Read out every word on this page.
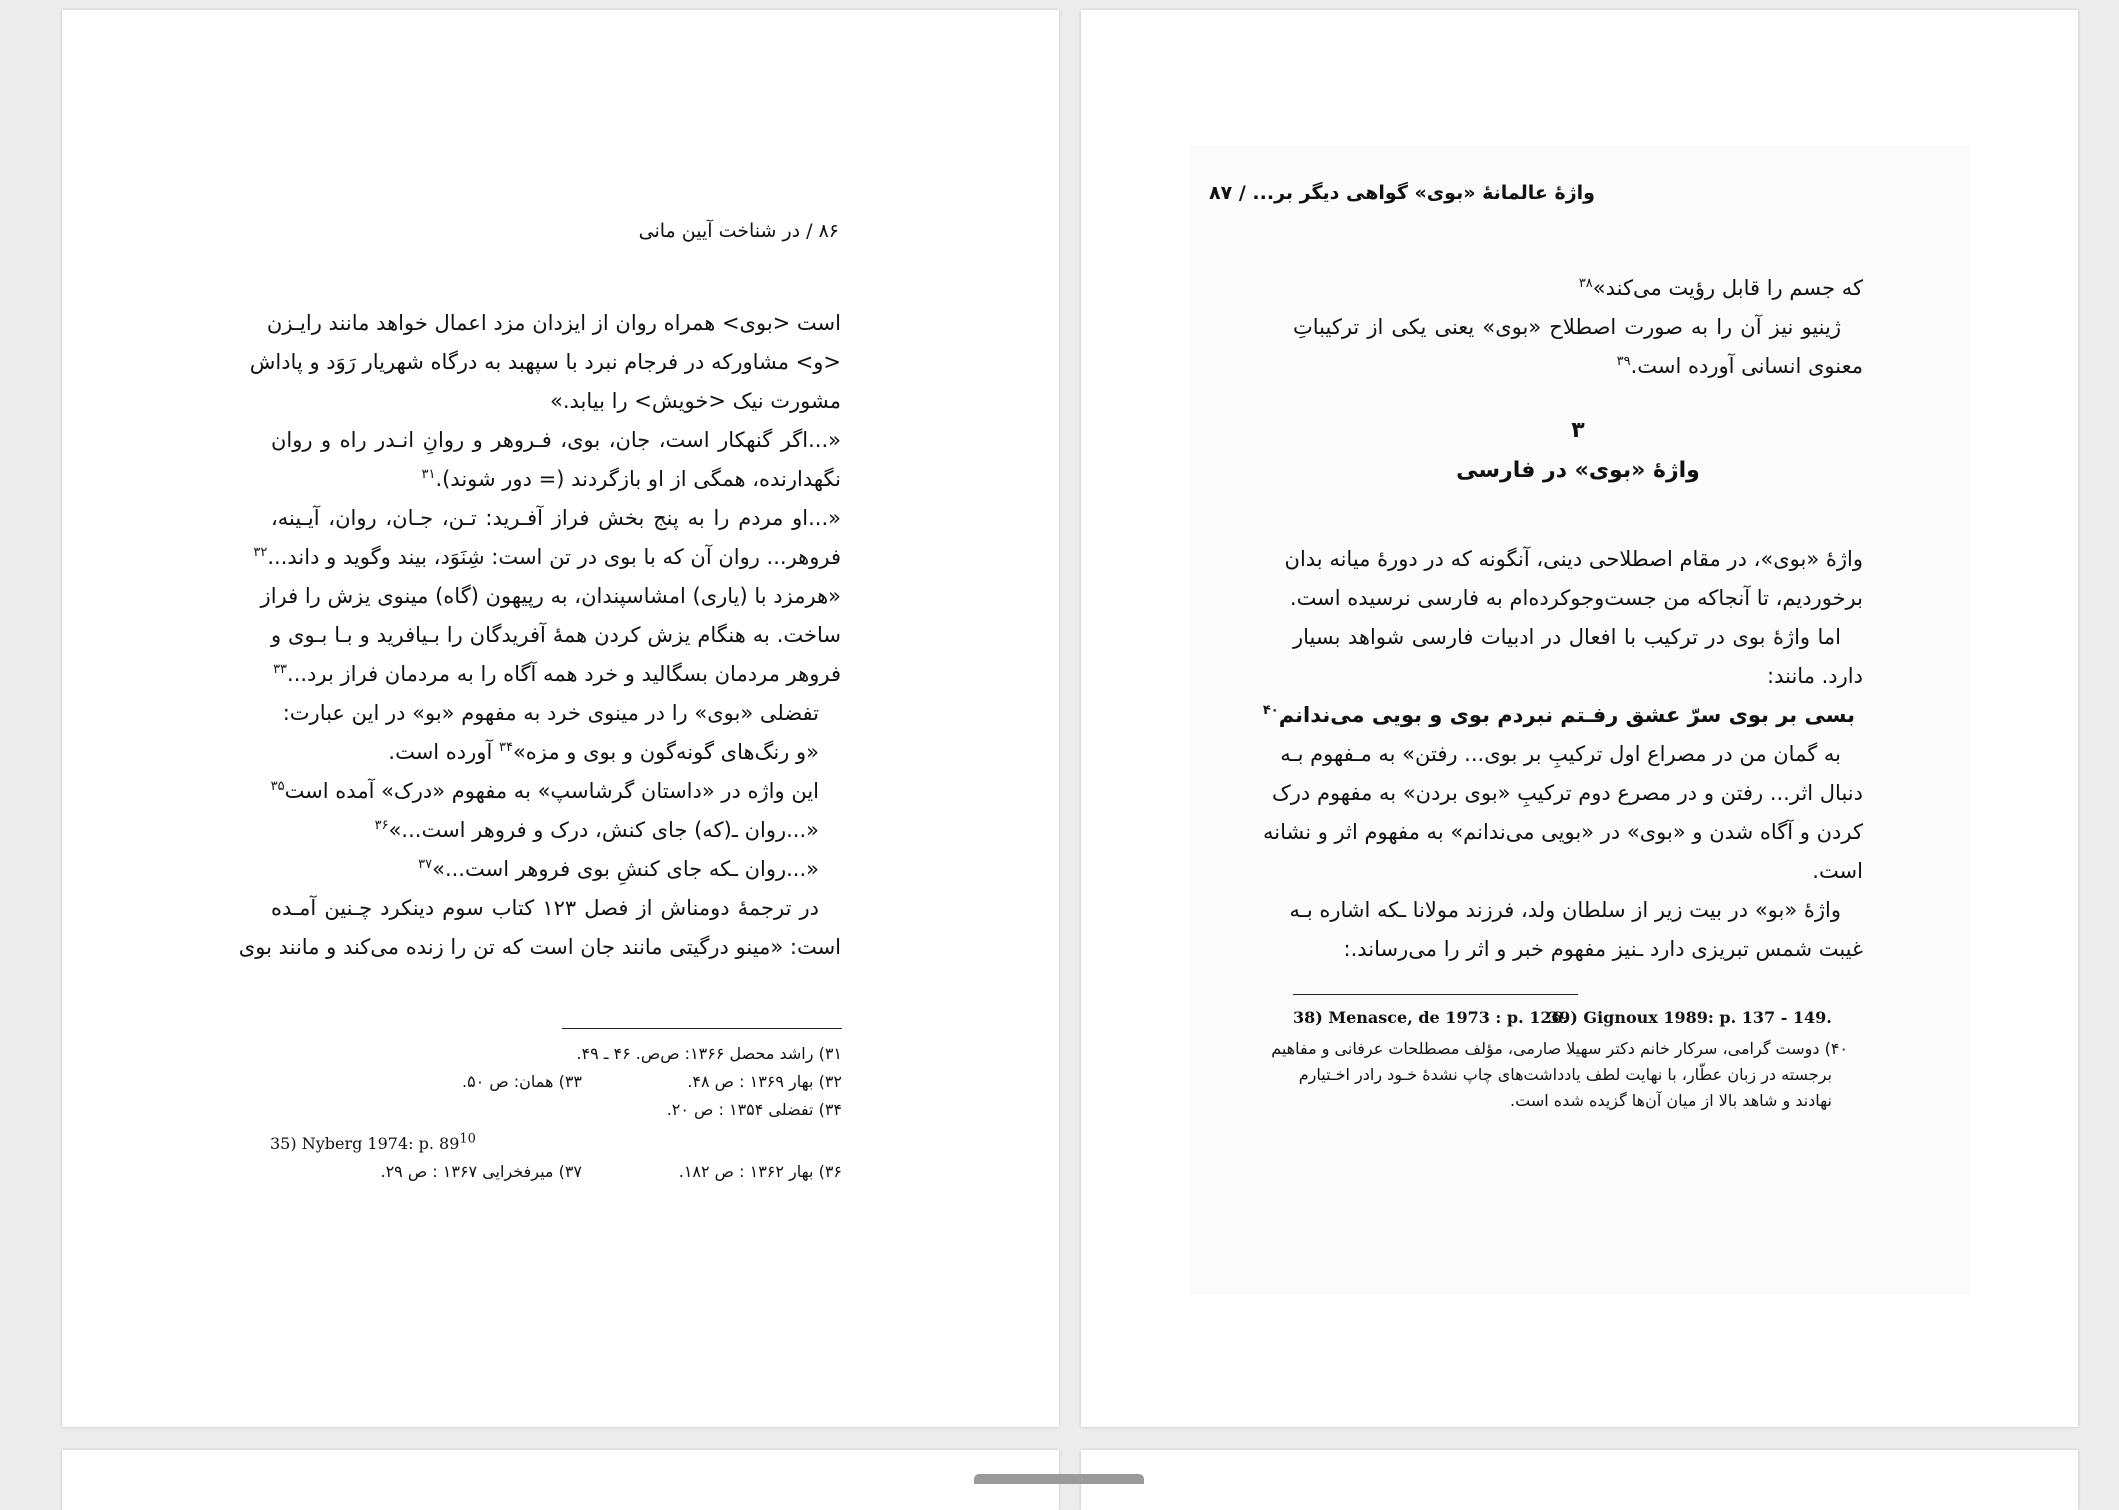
۸۶ / در شناخت آیین مانی
است <بوی> همراه روان از ایزدان مزد اعمال خواهد مانند رایـزن
<و> مشاورکه در فرجام نبرد با سپهبد به درگاه شهریار رَوَد و پاداش
مشورت نیک <خویش> را بیابد.»
«...اگر گنهکار است، جان، بوی، فـروهر و روانِ انـدر راه و روان
نگهدارنده، همگی از او بازگردند (= دور شوند).$^{۳۱}$
«...او مردم را به پنج بخش فراز آفـرید: تـن، جـان، روان، آیـینه،
فروهر... روان آن که با بوی در تن است: شِنَوَد، بیند وگوید و داند...$^{۳۲}$
«هرمزد با (یاری) امشاسپندان، به رپیهون (گاه) مینوی یزش را فراز
ساخت. به هنگام یزش کردن همهٔ آفریدگان را بـیافرید و بـا بـوی و
فروهر مردمان بسگالید و خرد همه آگاه را به مردمان فراز برد...$^{۳۳}$
تفضلی «بوی» را در مینوی خرد به مفهوم «بو» در این عبارت:
«و رنگ‌های گونه‌گون و بوی و مزه»$^{۳۴}$ آورده است.
این واژه در «داستان گرشاسپ» به مفهوم «درک» آمده است$^{۳۵}$
«...روان ـ(که) جای کنش، درک و فروهر است...»$^{۳۶}$
«...روان ـکه جای کنشِ بوی فروهر است...»$^{۳۷}$
در ترجمهٔ دومناش از فصل ۱۲۳ کتاب سوم دینکرد چـنین آمـده
است: «مینو درگیتی مانند جان است که تن را زنده می‌کند و مانند بوی
۳۱) راشد محصل ۱۳۶۶: ص‌ص. ۴۶ ـ ۴۹.
۳۲) بهار ۱۳۶۹ : ص ۴۸.
۳۳) همان: ص ۵۰.
۳۴) تفضلی ۱۳۵۴ : ص ۲۰.
35) Nyberg 1974: p. $89^{10}$
۳۶) بهار ۱۳۶۲ : ص ۱۸۲.
۳۷) میرفخرایی ۱۳۶۷ : ص ۲۹.
واژهٔ عالمانهٔ «بوی» گواهی دیگر بر... / ۸۷
که جسم را قابل رؤیت می‌کند»$^{۳۸}$
ژینیو نیز آن را به صورت اصطلاح «بوی» یعنی یکی از ترکیباتِ
معنوی انسانی آورده است.$^{۳۹}$
۳
واژهٔ «بوی» در فارسی
واژهٔ «بوی»، در مقام اصطلاحی دینی، آنگونه که در دورهٔ میانه بدان
برخوردیم، تا آنجاکه من جست‌وجوکرده‌ام به فارسی نرسیده است.
اما واژهٔ بوی در ترکیب با افعال در ادبیات فارسی شواهد بسیار
دارد. مانند:
بسی بر بوی سرّ عشق رفـتم نبردم بوی و بویی می‌ندانم$^{۴۰}$
به گمان من در مصراع اول ترکیبِ بر بوی... رفتن» به مـفهوم بـه
دنبال اثر... رفتن و در مصرع دوم ترکیبِ «بوی بردن» به مفهوم درک
کردن و آگاه شدن و «بوی» در «بویی می‌ندانم» به مفهوم اثر و نشانه
است.
واژهٔ «بو» در بیت زیر از سلطان ولد، فرزند مولانا ـکه اشاره بـه
غیبت شمس تبریزی دارد ـنیز مفهوم خبر و اثر را می‌رساند.:
38) Menasce, de 1973 : p. 126.
39) Gignoux 1989: p. 137 - 149.
۴۰) دوست گرامی، سرکار خانم دکتر سهیلا صارمی، مؤلف مصطلحات عرفانی و مفاهیم
برجسته در زبان عطّار، با نهایت لطف یادداشت‌های چاپ نشدهٔ خـود رادر اخـتیارم
نهادند و شاهد بالا از میان آن‌ها گزیده شده است.
